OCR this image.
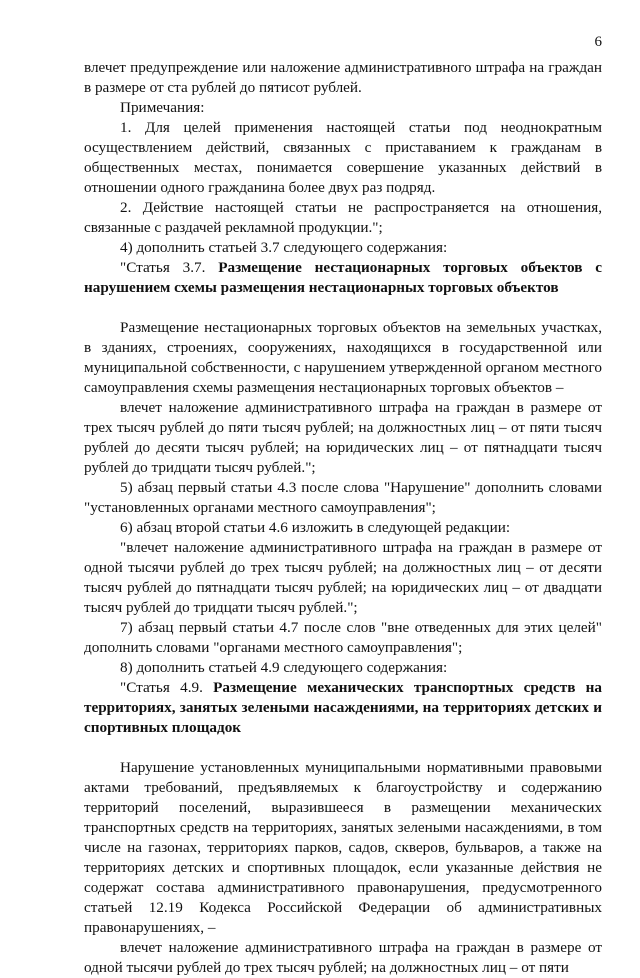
6

влечет предупреждение или наложение административного штрафа на граждан в размере от ста рублей до пятисот рублей.

Примечания:

1. Для целей применения настоящей статьи под неоднократным осуществлением действий, связанных с приставанием к гражданам в общественных местах, понимается совершение указанных действий в отношении одного гражданина более двух раз подряд.

2. Действие настоящей статьи не распространяется на отношения, связанные с раздачей рекламной продукции.";

4) дополнить статьей 3.7 следующего содержания:

"Статья 3.7. Размещение нестационарных торговых объектов с нарушением схемы размещения нестационарных торговых объектов

Размещение нестационарных торговых объектов на земельных участках, в зданиях, строениях, сооружениях, находящихся в государственной или муниципальной собственности, с нарушением утвержденной органом местного самоуправления схемы размещения нестационарных торговых объектов –

влечет наложение административного штрафа на граждан в размере от трех тысяч рублей до пяти тысяч рублей; на должностных лиц – от пяти тысяч рублей до десяти тысяч рублей; на юридических лиц – от пятнадцати тысяч рублей до тридцати тысяч рублей.";

5) абзац первый статьи 4.3 после слова "Нарушение" дополнить словами "установленных органами местного самоуправления";

6) абзац второй статьи 4.6 изложить в следующей редакции:

"влечет наложение административного штрафа на граждан в размере от одной тысячи рублей до трех тысяч рублей; на должностных лиц – от десяти тысяч рублей до пятнадцати тысяч рублей; на юридических лиц – от двадцати тысяч рублей до тридцати тысяч рублей.";

7) абзац первый статьи 4.7 после слов "вне отведенных для этих целей" дополнить словами "органами местного самоуправления";

8) дополнить статьей 4.9 следующего содержания:

"Статья 4.9. Размещение механических транспортных средств на территориях, занятых зелеными насаждениями, на территориях детских и спортивных площадок

Нарушение установленных муниципальными нормативными правовыми актами требований, предъявляемых к благоустройству и содержанию территорий поселений, выразившееся в размещении механических транспортных средств на территориях, занятых зелеными насаждениями, в том числе на газонах, территориях парков, садов, скверов, бульваров, а также на территориях детских и спортивных площадок, если указанные действия не содержат состава административного правонарушения, предусмотренного статьей 12.19 Кодекса Российской Федерации об административных правонарушениях, –

влечет наложение административного штрафа на граждан в размере от одной тысячи рублей до трех тысяч рублей; на должностных лиц – от пяти
